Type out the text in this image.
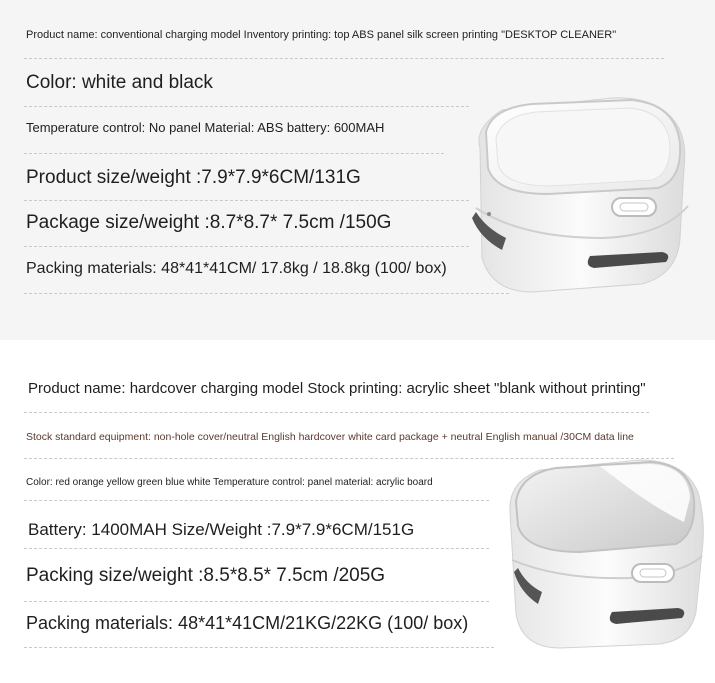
Product name: conventional charging model Inventory printing: top ABS panel silk screen printing "DESKTOP CLEANER"
Color: white and black
Temperature control: No panel Material: ABS battery: 600MAH
Product size/weight :7.9*7.9*6CM/131G
Package size/weight :8.7*8.7* 7.5cm /150G
Packing materials: 48*41*41CM/ 17.8kg / 18.8kg (100/ box)
Product name: hardcover charging model Stock printing: acrylic sheet "blank without printing"
Stock standard equipment: non-hole cover/neutral English hardcover white card package + neutral English manual /30CM data line
Color: red orange yellow green blue white Temperature control: panel material: acrylic board
Battery: 1400MAH Size/Weight :7.9*7.9*6CM/151G
Packing size/weight :8.5*8.5* 7.5cm /205G
Packing materials: 48*41*41CM/21KG/22KG (100/ box)
